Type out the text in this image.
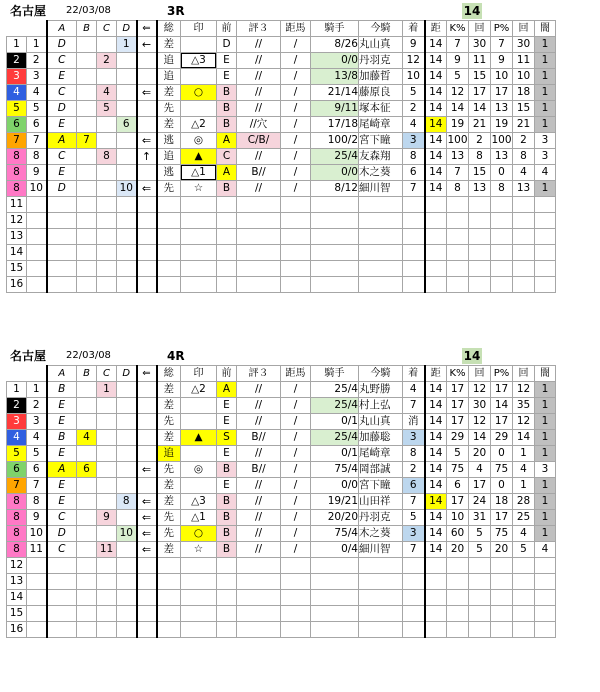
名古屋 22/03/08	3R	14
		A	B	C	D	⇐	総	印	前	評３	距馬	騎手	今騎	着	距	K%	回	P%	回	闇
1	1	D			1	←	差		D	//	/	8/26	丸山真	9	14	7	30	7	30	1
2	2	C		2			追	△3	E	//	/	0/0	丹羽克	12	14	9	11	9	11	1
3	3	E					追		E	//	/	13/8	加藤晢	10	14	5	15	10	10	1
4	4	C		4		⇐	差	○	B	//	/	21/14	藤原良	5	14	12	17	17	18	1
5	5	D		5			先		B	//	/	9/11	塚本征	2	14	14	14	13	15	1
6	6	E			6		差	△2	B	//穴	/	17/18	尾崎章	4	14	19	21	19	21	1
7	7	A	7			⇐	逃	◎	A	C/B/	/	100/2	宮下瞳	3	14	100	2	100	2	3
8	8	C		8		↑	追	▲	C	//	/	25/4	友森翔	8	14	13	8	13	8	3
8	9	E					逃	△1	A	B//	/	0/0	木之葵	6	14	7	15	0	4	4
8	10	D			10	⇐	先	☆	B	//	/	8/12	細川智	7	14	8	13	8	13	1
11																				
12																				
13																				
14																				
15																				
16																				
名古屋 22/03/08	4R	14
		A	B	C	D	⇐	総	印	前	評３	距馬	騎手	今騎	着	距	K%	回	P%	回	闇
1	1	B		1			差	△2	A	//	/	25/4	丸野勝	4	14	17	12	17	12	1
2	2	E					差		E	//	/	25/4	村上弘	7	14	17	30	14	35	1
3	3	E					先		E	//	/	0/1	丸山真	消	14	17	12	17	12	1
4	4	B	4				差	▲	S	B//	/	25/4	加藤聡	3	14	29	14	29	14	1
5	5	E					追		E	//	/	0/1	尾崎章	8	14	5	20	0	1	1
6	6	A	6			⇐	先	◎	B	B//	/	75/4	岡部誠	2	14	75	4	75	4	3
7	7	E					差		E	//	/	0/0	宮下瞳	6	14	6	17	0	1	1
8	8	E			8	⇐	差	△3	B	//	/	19/21	山田祥	7	14	17	24	18	28	1
8	9	C		9		⇐	先	△1	B	//	/	20/20	丹羽克	5	14	10	31	17	25	1
8	10	D			10	⇐	先	○	B	//	/	75/4	木之葵	3	14	60	5	75	4	1
8	11	C		11		⇐	差	☆	B	//	/	0/4	細川智	7	14	20	5	20	5	4
12																				
13																				
14																				
15																				
16																				
